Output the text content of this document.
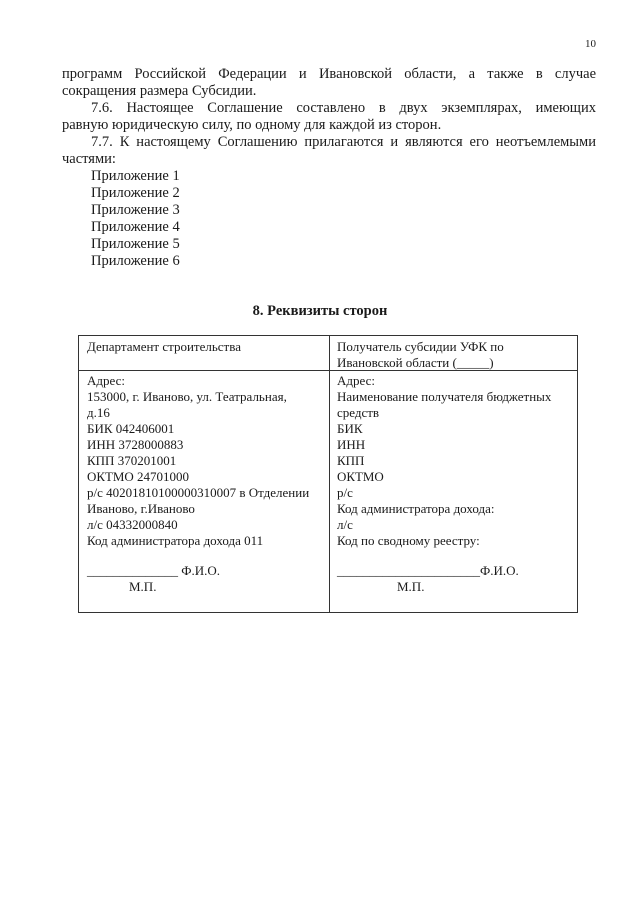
10
программ Российской Федерации и Ивановской области, а также в случае
сокращения размера Субсидии.
7.6. Настоящее Соглашение составлено в двух экземплярах, имеющих
равную юридическую силу, по одному для каждой из сторон.
7.7. К настоящему Соглашению прилагаются и являются его неотъемлемыми
частями:
Приложение 1
Приложение 2
Приложение 3
Приложение 4
Приложение 5
Приложение 6
8. Реквизиты сторон
Департамент строительства	Получатель субсидии УФК по
Ивановской области (_____)
Адрес:
153000, г. Иваново, ул. Театральная,
д.16
БИК 042406001
ИНН 3728000883
КПП 370201001
ОКТМО 24701000
р/с 40201810100000310007 в Отделении
Иваново, г.Иваново
л/с 04332000840
Код администратора дохода 011
______________ Ф.И.О.
М.П.
Адрес:
Наименование получателя бюджетных
средств
БИК
ИНН
КПП
ОКТМО
р/с
Код администратора дохода:
л/с
Код по сводному реестру:
______________________Ф.И.О.
М.П.
